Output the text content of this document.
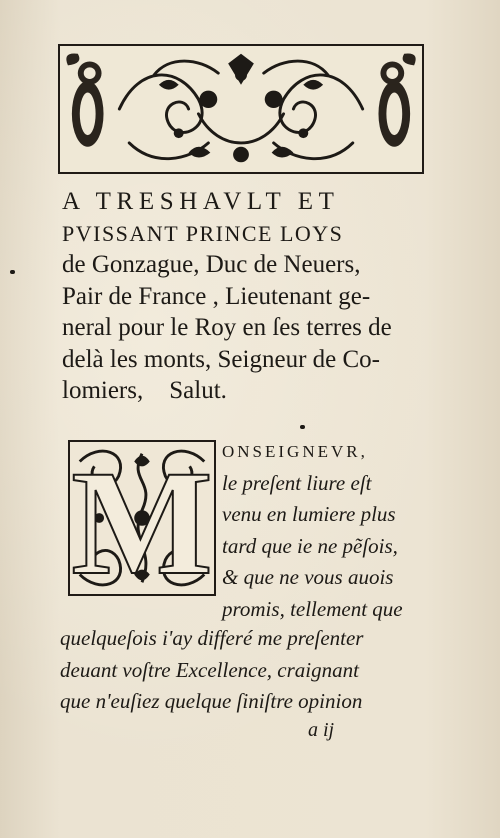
A TRESHAVLT ET
PVISSANT PRINCE LOYS
de Gonzague, Duc de Neuers,
Pair de France , Lieutenant ge-
neral pour le Roy en ſes terres de
delà les monts, Seigneur de Co-
lomiers, Salut.
M ONSEIGNEVR,
le preſent liure eſt
venu en lumiere plus
tard que ie ne pẽſois,
& que ne vous auois
promis, tellement que
quelqueſois i'ay differé me preſenter
deuant voſtre Excellence, craignant
que n'euſiez quelque ſiniſtre opinion
a ij
